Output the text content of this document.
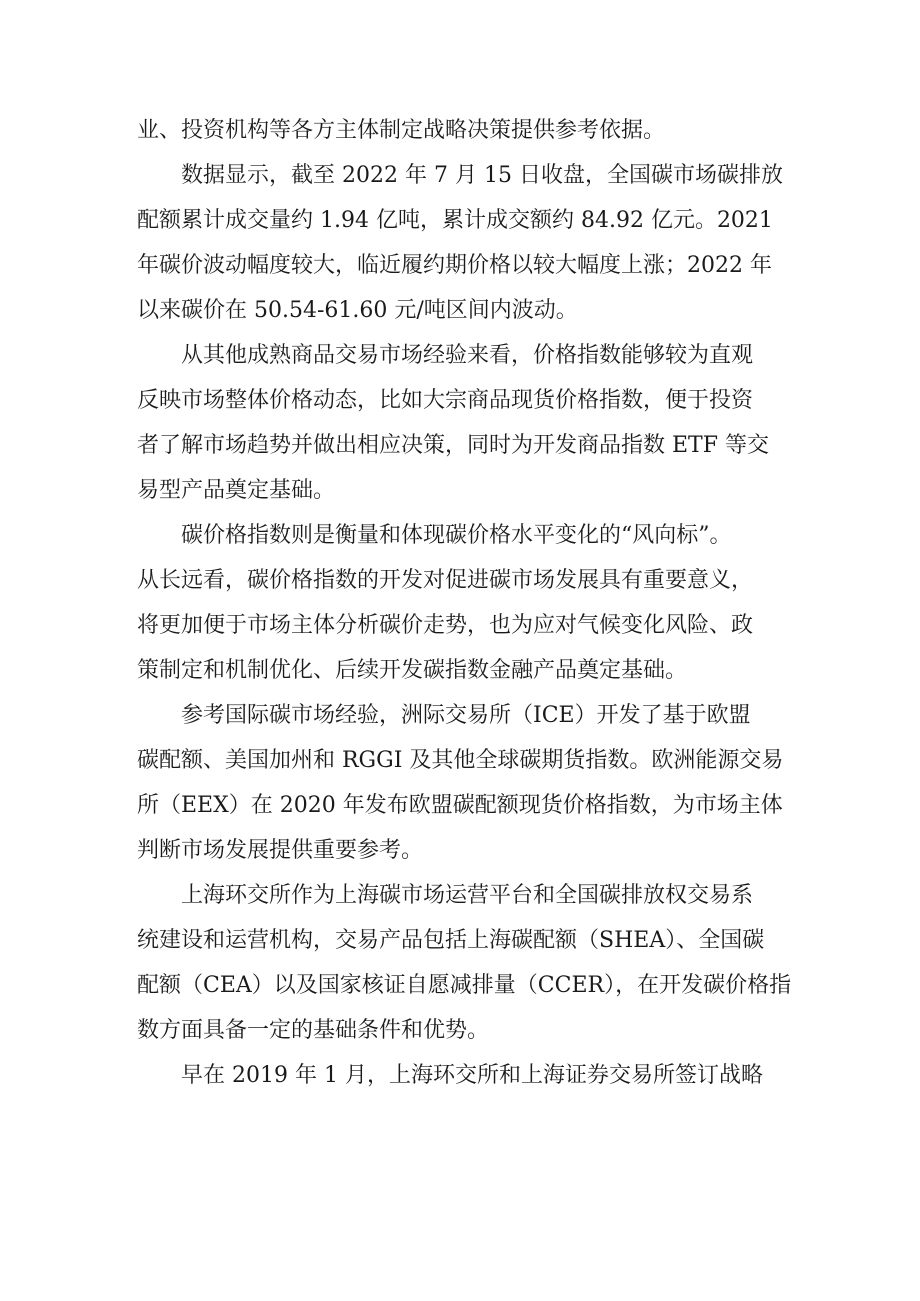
业、投资机构等各方主体制定战略决策提供参考依据。
　　数据显示，截至 2022 年 7 月 15 日收盘，全国碳市场碳排放
配额累计成交量约 1.94 亿吨，累计成交额约 84.92 亿元。2021
年碳价波动幅度较大，临近履约期价格以较大幅度上涨；2022 年
以来碳价在 50.54-61.60 元/吨区间内波动。
　　从其他成熟商品交易市场经验来看，价格指数能够较为直观
反映市场整体价格动态，比如大宗商品现货价格指数，便于投资
者了解市场趋势并做出相应决策，同时为开发商品指数 ETF 等交
易型产品奠定基础。
　　碳价格指数则是衡量和体现碳价格水平变化的“风向标”。
从长远看，碳价格指数的开发对促进碳市场发展具有重要意义，
将更加便于市场主体分析碳价走势，也为应对气候变化风险、政
策制定和机制优化、后续开发碳指数金融产品奠定基础。
　　参考国际碳市场经验，洲际交易所（ICE）开发了基于欧盟
碳配额、美国加州和 RGGI 及其他全球碳期货指数。欧洲能源交易
所（EEX）在 2020 年发布欧盟碳配额现货价格指数，为市场主体
判断市场发展提供重要参考。
　　上海环交所作为上海碳市场运营平台和全国碳排放权交易系
统建设和运营机构，交易产品包括上海碳配额（SHEA）、全国碳
配额（CEA）以及国家核证自愿减排量（CCER），在开发碳价格指
数方面具备一定的基础条件和优势。
　　早在 2019 年 1 月，上海环交所和上海证券交易所签订战略
